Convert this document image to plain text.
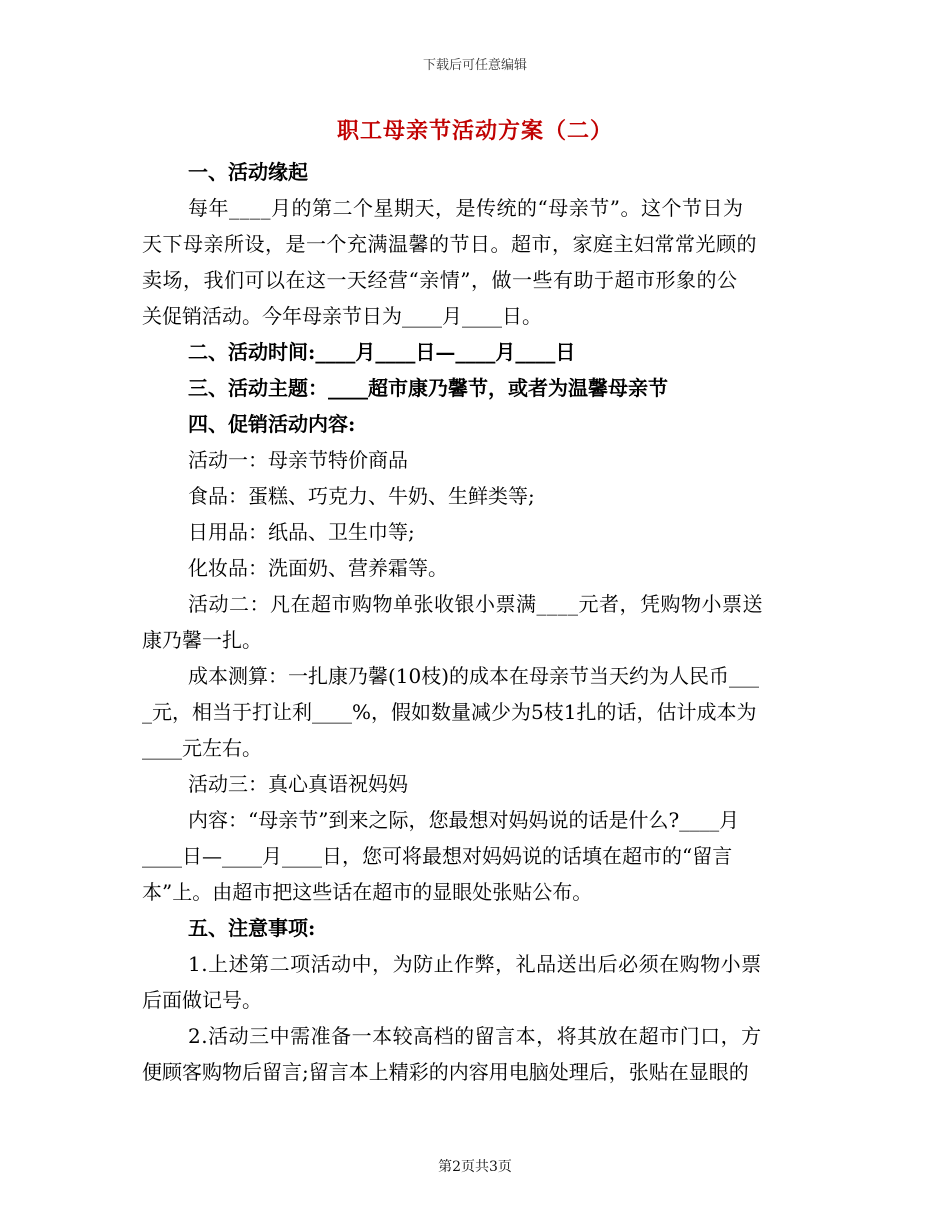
下载后可任意编辑
职工母亲节活动方案（二）
一、活动缘起
每年____月的第二个星期天，是传统的“母亲节”。这个节日为
天下母亲所设，是一个充满温馨的节日。超市，家庭主妇常常光顾的
卖场，我们可以在这一天经营“亲情”，做一些有助于超市形象的公
关促销活动。今年母亲节日为____月____日。
二、活动时间:____月____日—____月____日
三、活动主题：____超市康乃馨节，或者为温馨母亲节
四、促销活动内容:
活动一：母亲节特价商品
食品：蛋糕、巧克力、牛奶、生鲜类等;
日用品：纸品、卫生巾等;
化妆品：洗面奶、营养霜等。
活动二：凡在超市购物单张收银小票满____元者，凭购物小票送
康乃馨一扎。
成本测算：一扎康乃馨(10枝)的成本在母亲节当天约为人民币___
_元，相当于打让利____%，假如数量减少为5枝1扎的话，估计成本为
____元左右。
活动三：真心真语祝妈妈
内容：“母亲节”到来之际，您最想对妈妈说的话是什么?____月
____日—____月____日，您可将最想对妈妈说的话填在超市的“留言
本”上。由超市把这些话在超市的显眼处张贴公布。
五、注意事项:
1.上述第二项活动中，为防止作弊，礼品送出后必须在购物小票
后面做记号。
2.活动三中需准备一本较高档的留言本，将其放在超市门口，方
便顾客购物后留言;留言本上精彩的内容用电脑处理后，张贴在显眼的
第2页共3页
